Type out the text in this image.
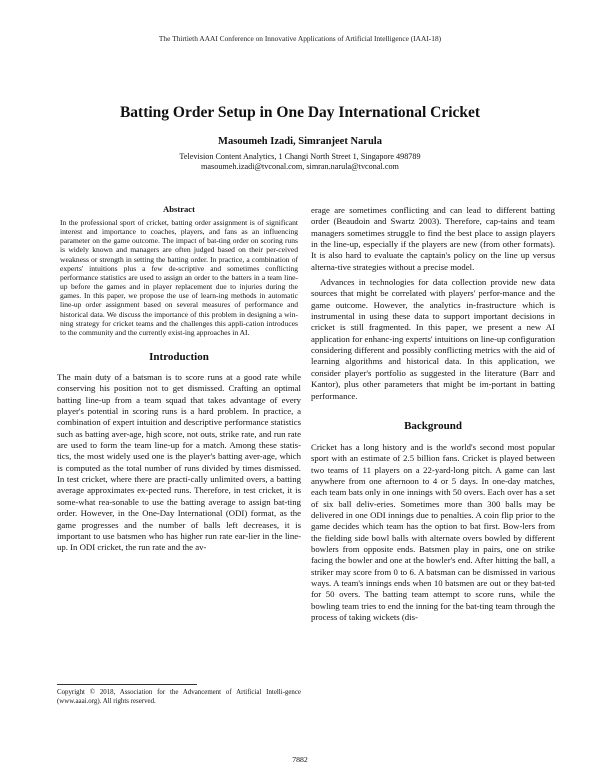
The Thirtieth AAAI Conference on Innovative Applications of Artificial Intelligence (IAAI-18)
Batting Order Setup in One Day International Cricket
Masoumeh Izadi, Simranjeet Narula
Television Content Analytics, 1 Changi North Street 1, Singapore 498789
masoumeh.izadi@tvconal.com, simran.narula@tvconal.com
Abstract

In the professional sport of cricket, batting order assignment is of significant interest and importance to coaches, players, and fans as an influencing parameter on the game outcome. The impact of bat-ting order on scoring runs is widely known and managers are often judged based on their per-ceived weakness or strength in setting the batting order. In practice, a combination of experts' intuitions plus a few de-scriptive and sometimes conflicting performance statistics are used to assign an order to the batters in a team line-up before the games and in player replacement due to injuries during the games. In this paper, we propose the use of learn-ing methods in automatic line-up order assignment based on several measures of performance and historical data. We discuss the importance of this problem in designing a win-ning strategy for cricket teams and the challenges this appli-cation introduces to the community and the currently exist-ing approaches in AI.

Introduction

The main duty of a batsman is to score runs at a good rate while conserving his position not to get dismissed. Crafting an optimal batting line-up from a team squad that takes advantage of every player's potential in scoring runs is a hard problem. In practice, a combination of expert intuition and descriptive performance statistics such as batting aver-age, high score, not outs, strike rate, and run rate are used to form the team line-up for a match. Among these statis-tics, the most widely used one is the player's batting aver-age, which is computed as the total number of runs divided by times dismissed. In test cricket, where there are practi-cally unlimited overs, a batting average approximates ex-pected runs. Therefore, in test cricket, it is some-what rea-sonable to use the batting average to assign bat-ting order. However, in the One-Day International (ODI) format, as the game progresses and the number of balls left decreases, it is important to use batsmen who has higher run rate ear-lier in the line-up. In ODI cricket, the run rate and the av-

erage are sometimes conflicting and can lead to different batting order (Beaudoin and Swartz 2003). Therefore, cap-tains and team managers sometimes struggle to find the best place to assign players in the line-up, especially if the players are new (from other formats). It is also hard to evaluate the captain's policy on the line up versus alterna-tive strategies without a precise model.

Advances in technologies for data collection provide new data sources that might be correlated with players' perfor-mance and the game outcome. However, the analytics in-frastructure which is instrumental in using these data to support important decisions in cricket is still fragmented. In this paper, we present a new AI application for enhanc-ing experts' intuitions on line-up configuration considering different and possibly conflicting metrics with the aid of learning algorithms and historical data. In this application, we consider player's portfolio as suggested in the literature (Barr and Kantor), plus other parameters that might be im-portant in batting performance.

Background

Cricket has a long history and is the world's second most popular sport with an estimate of 2.5 billion fans. Cricket is played between two teams of 11 players on a 22-yard-long pitch. A game can last anywhere from one afternoon to 4 or 5 days. In one-day matches, each team bats only in one innings with 50 overs. Each over has a set of six ball deliv-eries. Sometimes more than 300 balls may be delivered in one ODI innings due to penalties. A coin flip prior to the game decides which team has the option to bat first. Bow-lers from the fielding side bowl balls with alternate overs bowled by different bowlers from opposite ends. Batsmen play in pairs, one on strike facing the bowler and one at the bowler's end. After hitting the ball, a striker may score from 0 to 6. A batsman can be dismissed in various ways. A team's innings ends when 10 batsmen are out or they bat-ted for 50 overs. The batting team attempt to score runs, while the bowling team tries to end the inning for the bat-ting team through the process of taking wickets (dis-

Copyright © 2018, Association for the Advancement of Artificial Intelli-gence (www.aaai.org). All rights reserved.

7882
